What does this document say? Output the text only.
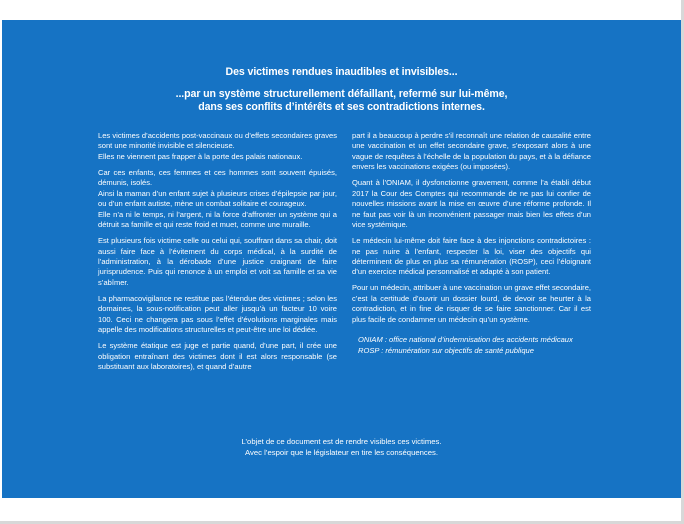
Des victimes rendues inaudibles et invisibles...
...par un système structurellement défaillant, refermé sur lui-même,
dans ses conflits d’intérêts et ses contradictions internes.

Les victimes d’accidents post-vaccinaux ou d’effets secondaires graves sont une minorité invisible et silencieuse.

Elles ne viennent pas frapper à la porte des palais nationaux.

Car ces enfants, ces femmes et ces hommes sont souvent épuisés, démunis, isolés.

Ainsi la maman d’un enfant sujet à plusieurs crises d’épilepsie par jour, ou d’un enfant autiste, mène un combat solitaire et courageux.

Elle n’a ni le temps, ni l’argent, ni la force d’affronter un système qui a détruit sa famille et qui reste froid et muet, comme une muraille.

Est plusieurs fois victime celle ou celui qui, souffrant dans sa chair, doit aussi faire face à l’évitement du corps médical, à la surdité de l’administration, à la dérobade d’une justice craignant de faire jurisprudence. Puis qui renonce à un emploi et voit sa famille et sa vie s’abîmer.

La pharmacovigilance ne restitue pas l’étendue des victimes ; selon les domaines, la sous-notification peut aller jusqu’à un facteur 10 voire 100. Ceci ne changera pas sous l’effet d’évolutions marginales mais appelle des modifications structurelles et peut-être une loi dédiée.

Le système étatique est juge et partie quand, d’une part, il crée une obligation entraînant des victimes dont il est alors responsable (se substituant aux laboratoires), et quand d’autre

part il a beaucoup à perdre s’il reconnaît une relation de causalité entre une vaccination et un effet secondaire grave, s’exposant alors à une vague de requêtes à l’échelle de la population du pays, et à la défiance envers les vaccinations exigées (ou imposées).

Quant à l’ONIAM, il dysfonctionne gravement, comme l’a établi début 2017 la Cour des Comptes qui recommande de ne pas lui confier de nouvelles missions avant la mise en œuvre d’une réforme profonde. Il ne faut pas voir là un inconvénient passager mais bien les effets d’un vice systémique.

Le médecin lui-même doit faire face à des injonctions contradictoires : ne pas nuire à l’enfant, respecter la loi, viser des objectifs qui déterminent de plus en plus sa rémunération (ROSP), ceci l’éloignant d’un exercice médical personnalisé et adapté à son patient.

Pour un médecin, attribuer à une vaccination un grave effet secondaire, c’est la certitude d’ouvrir un dossier lourd, de devoir se heurter à la contradiction, et in fine de risquer de se faire sanctionner. Car il est plus facile de condamner un médecin qu’un système.

ONIAM : office national d’indemnisation des accidents médicaux
ROSP : rémunération sur objectifs de santé publique
L’objet de ce document est de rendre visibles ces victimes.
Avec l’espoir que le législateur en tire les conséquences.
